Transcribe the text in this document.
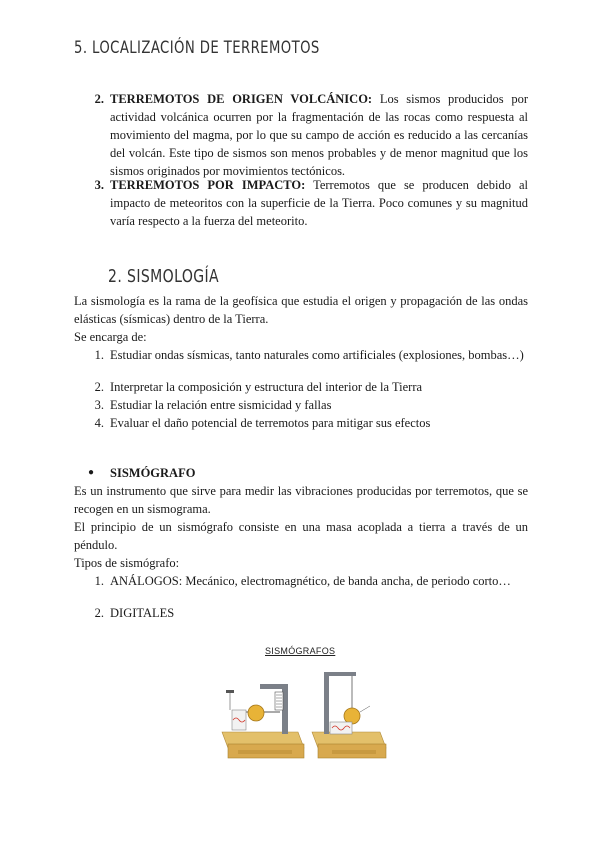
5. LOCALIZACIÓN DE TERREMOTOS
2. TERREMOTOS DE ORIGEN VOLCÁNICO: Los sismos producidos por actividad volcánica ocurren por la fragmentación de las rocas como respuesta al movimiento del magma, por lo que su campo de acción es reducido a las cercanías del volcán. Este tipo de sismos son menos probables y de menor magnitud que los sismos originados por movimientos tectónicos.
3. TERREMOTOS POR IMPACTO: Terremotos que se producen debido al impacto de meteoritos con la superficie de la Tierra. Poco comunes y su magnitud varía respecto a la fuerza del meteorito.
2. SISMOLOGÍA
La sismología es la rama de la geofísica que estudia el origen y propagación de las ondas elásticas (sísmicas) dentro de la Tierra.
Se encarga de:
1. Estudiar ondas sísmicas, tanto naturales como artificiales (explosiones, bombas…)
2. Interpretar la composición y estructura del interior de la Tierra
3. Estudiar la relación entre sismicidad y fallas
4. Evaluar el daño potencial de terremotos para mitigar sus efectos
● SISMÓGRAFO
Es un instrumento que sirve para medir las vibraciones producidas por terremotos, que se recogen en un sismograma.
El principio de un sismógrafo consiste en una masa acoplada a tierra a través de un péndulo.
Tipos de sismógrafo:
1. ANÁLOGOS: Mecánico, electromagnético, de banda ancha, de periodo corto…
2. DIGITALES
SISMÓGRAFOS
